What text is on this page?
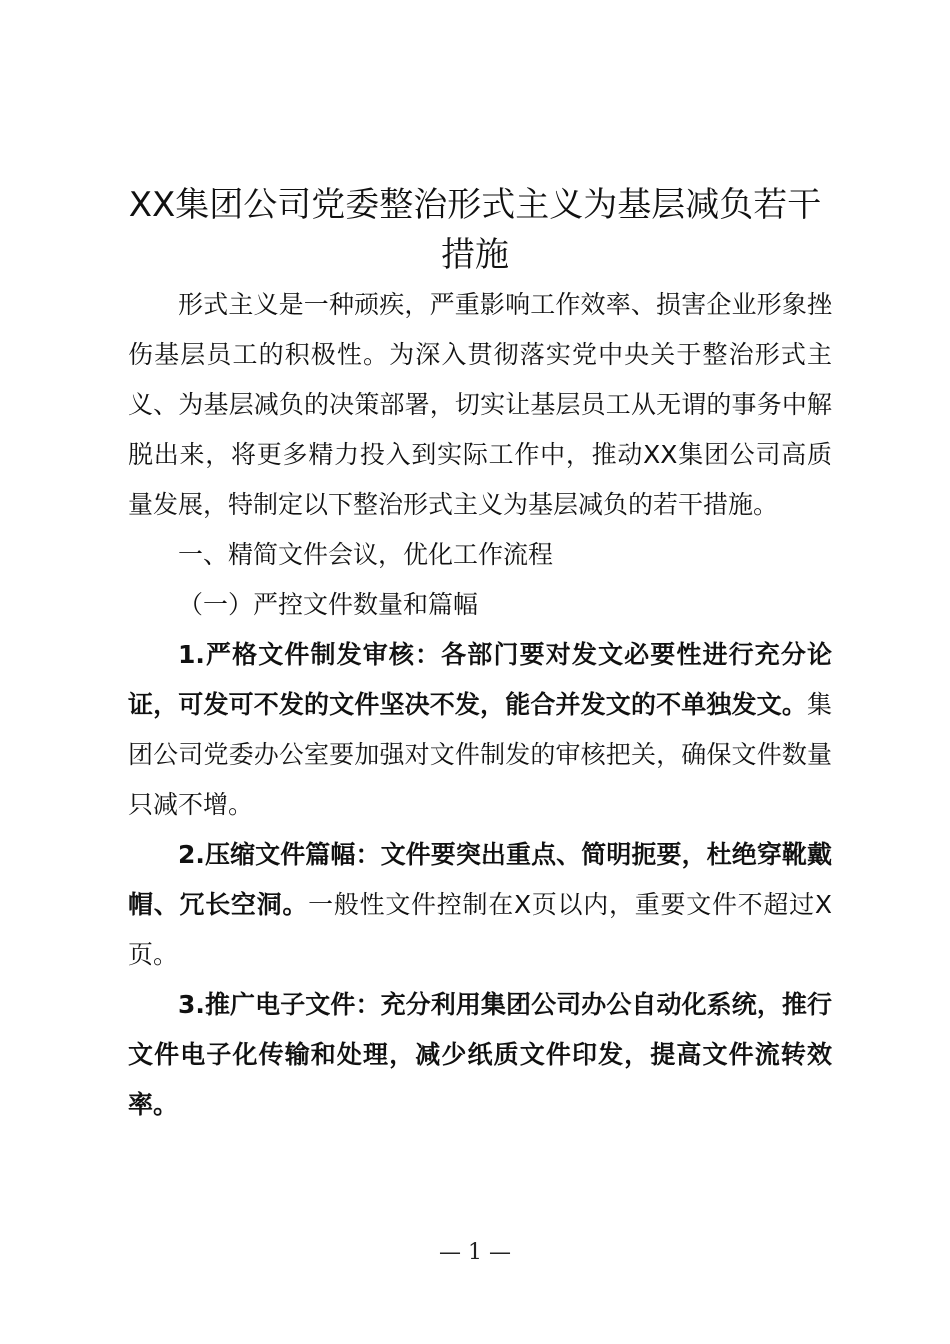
XX集团公司党委整治形式主义为基层减负若干措施

形式主义是一种顽疾，严重影响工作效率、损害企业形象挫伤基层员工的积极性。为深入贯彻落实党中央关于整治形式主义、为基层减负的决策部署，切实让基层员工从无谓的事务中解脱出来，将更多精力投入到实际工作中，推动XX集团公司高质量发展，特制定以下整治形式主义为基层减负的若干措施。

一、精简文件会议，优化工作流程

（一）严控文件数量和篇幅

1.严格文件制发审核：各部门要对发文必要性进行充分论证，可发可不发的文件坚决不发，能合并发文的不单独发文。集团公司党委办公室要加强对文件制发的审核把关，确保文件数量只减不增。

2.压缩文件篇幅：文件要突出重点、简明扼要，杜绝穿靴戴帽、冗长空洞。一般性文件控制在X页以内，重要文件不超过X页。

3.推广电子文件：充分利用集团公司办公自动化系统，推行文件电子化传输和处理，减少纸质文件印发，提高文件流转效率。

— 1 —
